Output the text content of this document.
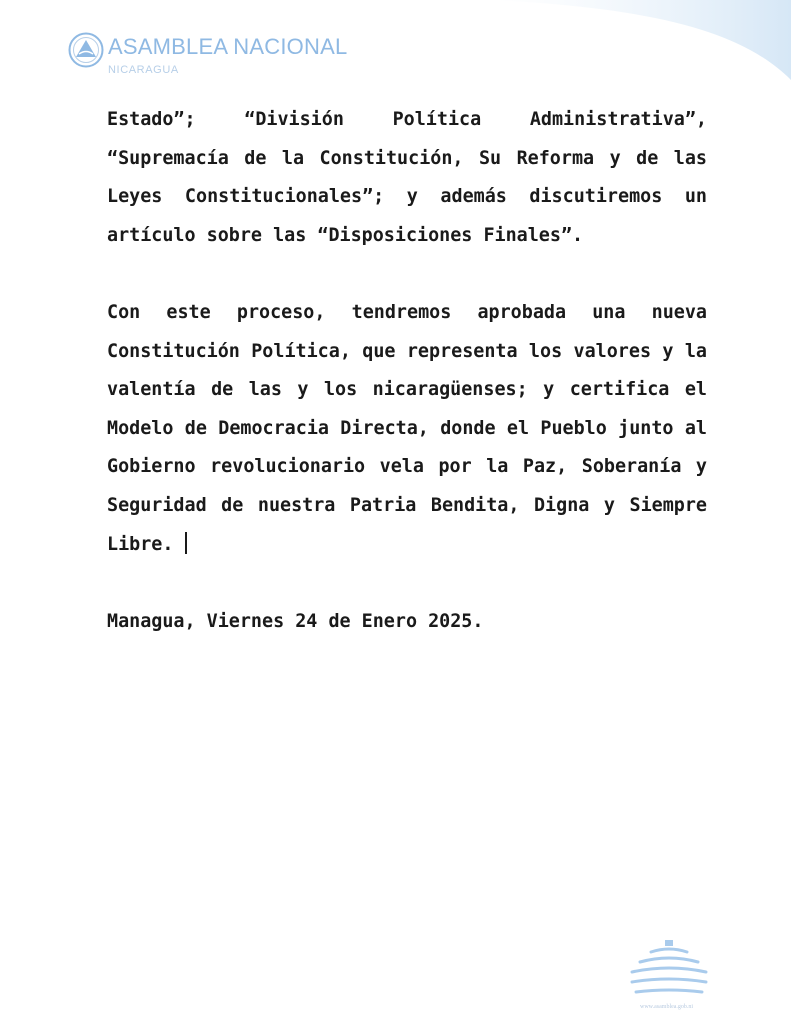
ASAMBLEA NACIONAL
NICARAGUA

Estado”; “División Política Administrativa”, “Supremacía de la Constitución, Su Reforma y de las Leyes Constitucionales”; y además discutiremos un artículo sobre las “Disposiciones Finales”.

Con este proceso, tendremos aprobada una nueva Constitución Política, que representa los valores y la valentía de las y los nicaragüenses; y certifica el Modelo de Democracia Directa, donde el Pueblo junto al Gobierno revolucionario vela por la Paz, Soberanía y Seguridad de nuestra Patria Bendita, Digna y Siempre Libre.

Managua, Viernes 24 de Enero 2025.

www.asamblea.gob.ni
